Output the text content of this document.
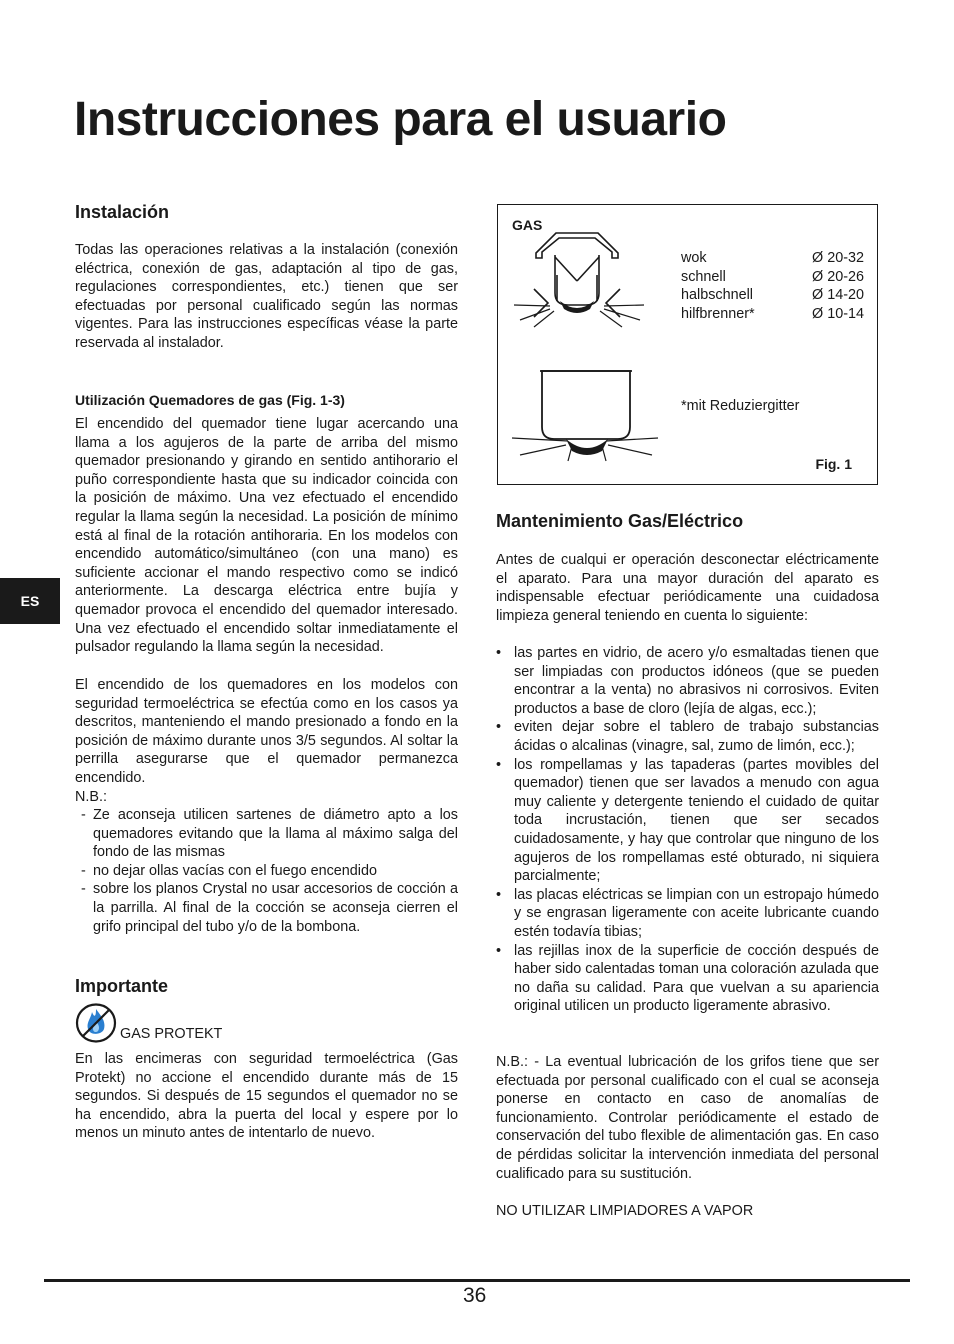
Instrucciones para el usuario
ES
Instalación

Todas las operaciones relativas a la instalación (conexión eléctrica, conexión de gas, adaptación al tipo de gas, regulaciones correspondientes, etc.) tienen que ser efectuadas por personal cualificado según las normas vigentes. Para las instrucciones específicas véase la parte reservada al instalador.

Utilización Quemadores de gas (Fig. 1-3)

El encendido del quemador tiene lugar acercando una llama a los agujeros de la parte de arriba del mismo quemador presionando y girando en sentido antihorario el puño correspondiente hasta que su indicador coincida con la posición de máximo. Una vez efectuado el encendido regular la llama según la necesidad. La posición de mínimo está al final de la rotación antihoraria. En los modelos con encendido automático/simultáneo (con una mano) es suficiente accionar el mando respectivo como se indicó anteriormente. La descarga eléctrica entre bujía y quemador provoca el encendido del quemador interesado. Una vez efectuado el encendido soltar inmediatamente el pulsador regulando la llama según la necesidad.

El encendido de los quemadores en los modelos con seguridad termoeléctrica se efectúa como en los casos ya descritos, manteniendo el mando presionado a fondo en la posición de máximo durante unos 3/5 segundos. Al soltar la perrilla asegurarse que el quemador permanezca encendido.

N.B.:

- Ze aconseja utilicen sartenes de diámetro apto a los quemadores evitando que la llama al máximo salga del fondo de las mismas
- no dejar ollas vacías con el fuego encendido
- sobre los planos Crystal no usar accesorios de cocción a la parrilla. Al final de la cocción se aconseja cierren el grifo principal del tubo y/o de la bombona.
Importante
GAS PROTEKT

En las encimeras con seguridad termoeléctrica (Gas Protekt) no accione el encendido durante más de 15 segundos. Si después de 15 segundos el quemador no se ha encendido, abra la puerta del local y espere por lo menos un minuto antes de intentarlo de nuevo.

GAS
wok	Ø 20-32
schnell	Ø 20-26
halbschnell	Ø 14-20
hilfbrenner*	Ø 10-14
*mit Reduziergitter
Fig. 1
Mantenimiento Gas/Eléctrico

Antes de cualqui er operación desconectar eléctricamente el aparato. Para una mayor duración del aparato es indispensable efectuar periódicamente una cuidadosa limpieza general teniendo en cuenta lo siguiente:

• las partes en vidrio, de acero y/o esmaltadas tienen que ser limpiadas con productos idóneos (que se pueden encontrar a la venta) no abrasivos ni corrosivos. Eviten productos a base de cloro (lejía de algas, ecc.);
• eviten dejar sobre el tablero de trabajo substancias ácidas o alcalinas (vinagre, sal, zumo de limón, ecc.);
• los rompellamas y las tapaderas (partes movibles del quemador) tienen que ser lavados a menudo con agua muy caliente y detergente teniendo el cuidado de quitar toda incrustación, tienen que ser secados cuidadosamente, y hay que controlar que ninguno de los agujeros de los rompellamas esté obturado, ni siquiera parcialmente;
• las placas eléctricas se limpian con un estropajo húmedo y se engrasan ligeramente con aceite lubricante cuando estén todavía tibias;
• las rejillas inox de la superficie de cocción después de haber sido calentadas toman una coloración azulada que no daña su calidad. Para que vuelvan a su apariencia original utilicen un producto ligeramente abrasivo.

N.B.: - La eventual lubricación de los grifos tiene que ser efectuada por personal cualificado con el cual se aconseja ponerse en contacto en caso de anomalías de funcionamiento. Controlar periódicamente el estado de conservación del tubo flexible de alimentación gas. En caso de pérdidas solicitar la intervención inmediata del personal cualificado para su sustitución.

NO UTILIZAR LIMPIADORES A VAPOR

36
